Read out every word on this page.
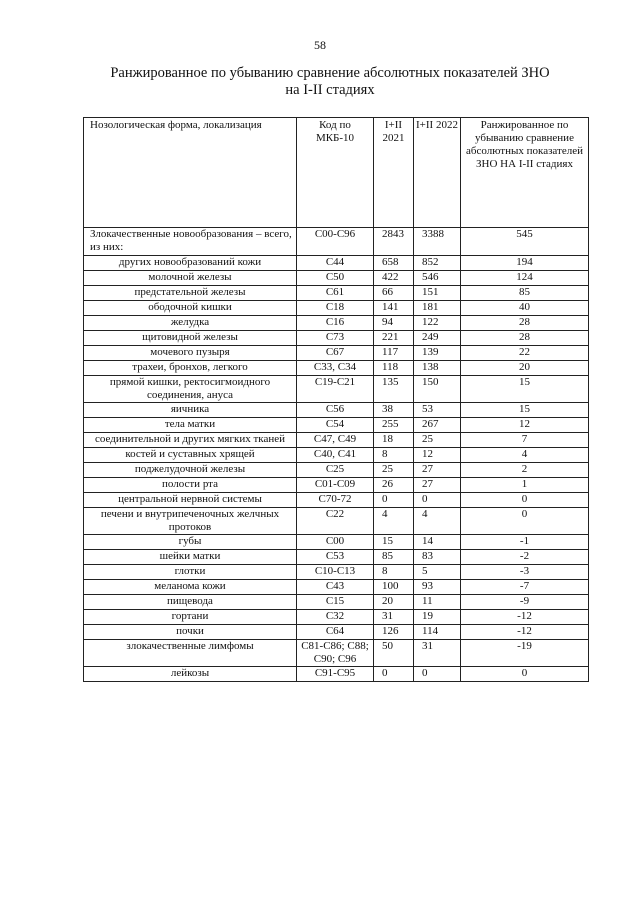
58
Ранжированное по убыванию сравнение абсолютных показателей ЗНО
на I-II стадиях
Нозологическая форма, локализация	Код по МКБ-10	I+II 2021	I+II 2022	Ранжированное по убыванию сравнение абсолютных показателей ЗНО НА I-II стадиях
Злокачественные новообразования – всего, из них:	C00-C96	2843	3388	545
других новообразований кожи	C44	658	852	194
молочной железы	C50	422	546	124
предстательной железы	C61	66	151	85
ободочной кишки	C18	141	181	40
желудка	C16	94	122	28
щитовидной железы	C73	221	249	28
мочевого пузыря	C67	117	139	22
трахеи, бронхов, легкого	C33, C34	118	138	20
прямой кишки, ректосигмоидного соединения, ануса	C19-C21	135	150	15
яичника	C56	38	53	15
тела матки	C54	255	267	12
соединительной и других мягких тканей	C47, C49	18	25	7
костей и суставных хрящей	C40, C41	8	12	4
поджелудочной железы	C25	25	27	2
полости рта	C01-C09	26	27	1
центральной нервной системы	C70-72	0	0	0
печени и внутрипеченочных желчных протоков	C22	4	4	0
губы	C00	15	14	-1
шейки матки	C53	85	83	-2
глотки	C10-C13	8	5	-3
меланома кожи	C43	100	93	-7
пищевода	C15	20	11	-9
гортани	C32	31	19	-12
почки	C64	126	114	-12
злокачественные лимфомы	C81-C86; C88; C90; C96	50	31	-19
лейкозы	C91-C95	0	0	0
